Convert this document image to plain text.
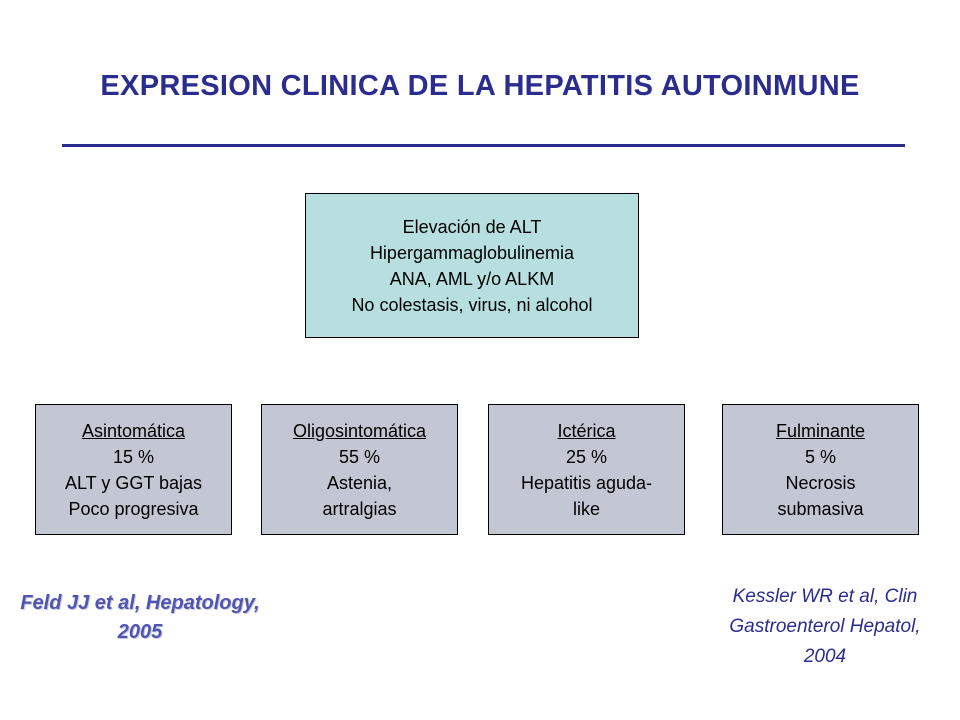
EXPRESION CLINICA DE LA HEPATITIS AUTOINMUNE
Elevación de ALT
Hipergammaglobulinemia
ANA, AML y/o ALKM
No colestasis, virus, ni alcohol
Asintomática
15 %
ALT y GGT bajas
Poco progresiva
Oligosintomática
55 %
Astenia,
artralgias
Ictérica
25 %
Hepatitis aguda-
like
Fulminante
5 %
Necrosis
submasiva
Feld JJ et al, Hepatology,
2005
Kessler WR et al, Clin
Gastroenterol Hepatol,
2004
